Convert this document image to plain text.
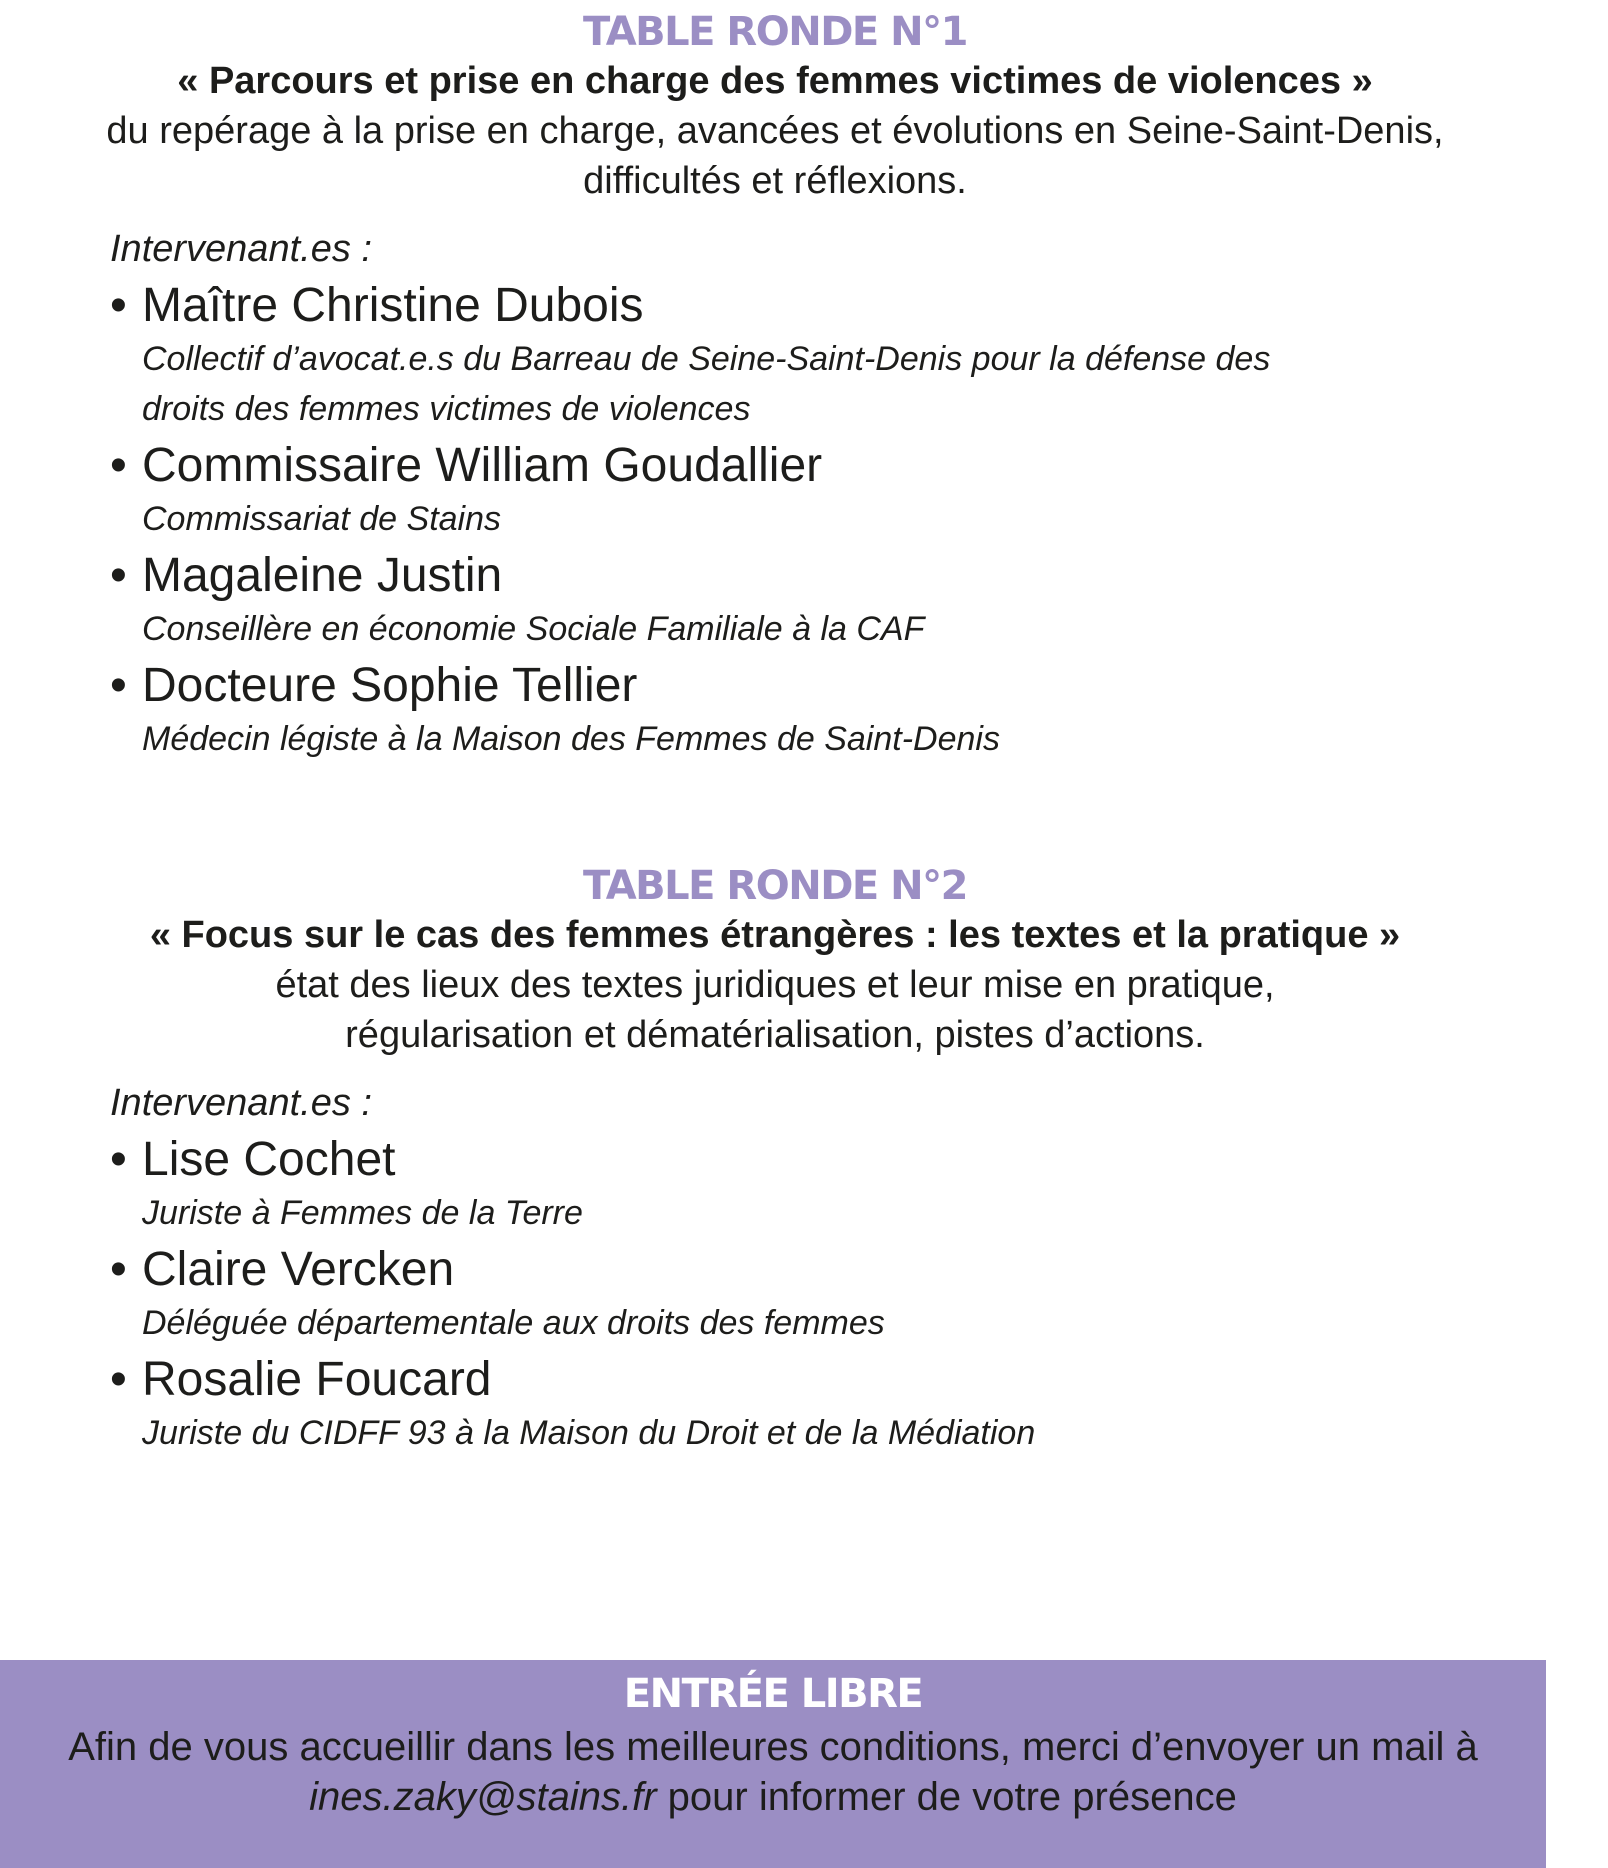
TABLE RONDE N°1
« Parcours et prise en charge des femmes victimes de violences »
du repérage à la prise en charge, avancées et évolutions en Seine-Saint-Denis,
difficultés et réflexions.
Intervenant.es :
• Maître Christine Dubois
Collectif d’avocat.e.s du Barreau de Seine-Saint-Denis pour la défense des
droits des femmes victimes de violences
• Commissaire William Goudallier
Commissariat de Stains
• Magaleine Justin
Conseillère en économie Sociale Familiale à la CAF
• Docteure Sophie Tellier
Médecin légiste à la Maison des Femmes de Saint-Denis
TABLE RONDE N°2
« Focus sur le cas des femmes étrangères : les textes et la pratique »
état des lieux des textes juridiques et leur mise en pratique,
régularisation et dématérialisation, pistes d’actions.
Intervenant.es :
• Lise Cochet
Juriste à Femmes de la Terre
• Claire Vercken
Déléguée départementale aux droits des femmes
• Rosalie Foucard
Juriste du CIDFF 93 à la Maison du Droit et de la Médiation
ENTRÉE LIBRE
Afin de vous accueillir dans les meilleures conditions, merci d’envoyer un mail à
ines.zaky@stains.fr pour informer de votre présence
